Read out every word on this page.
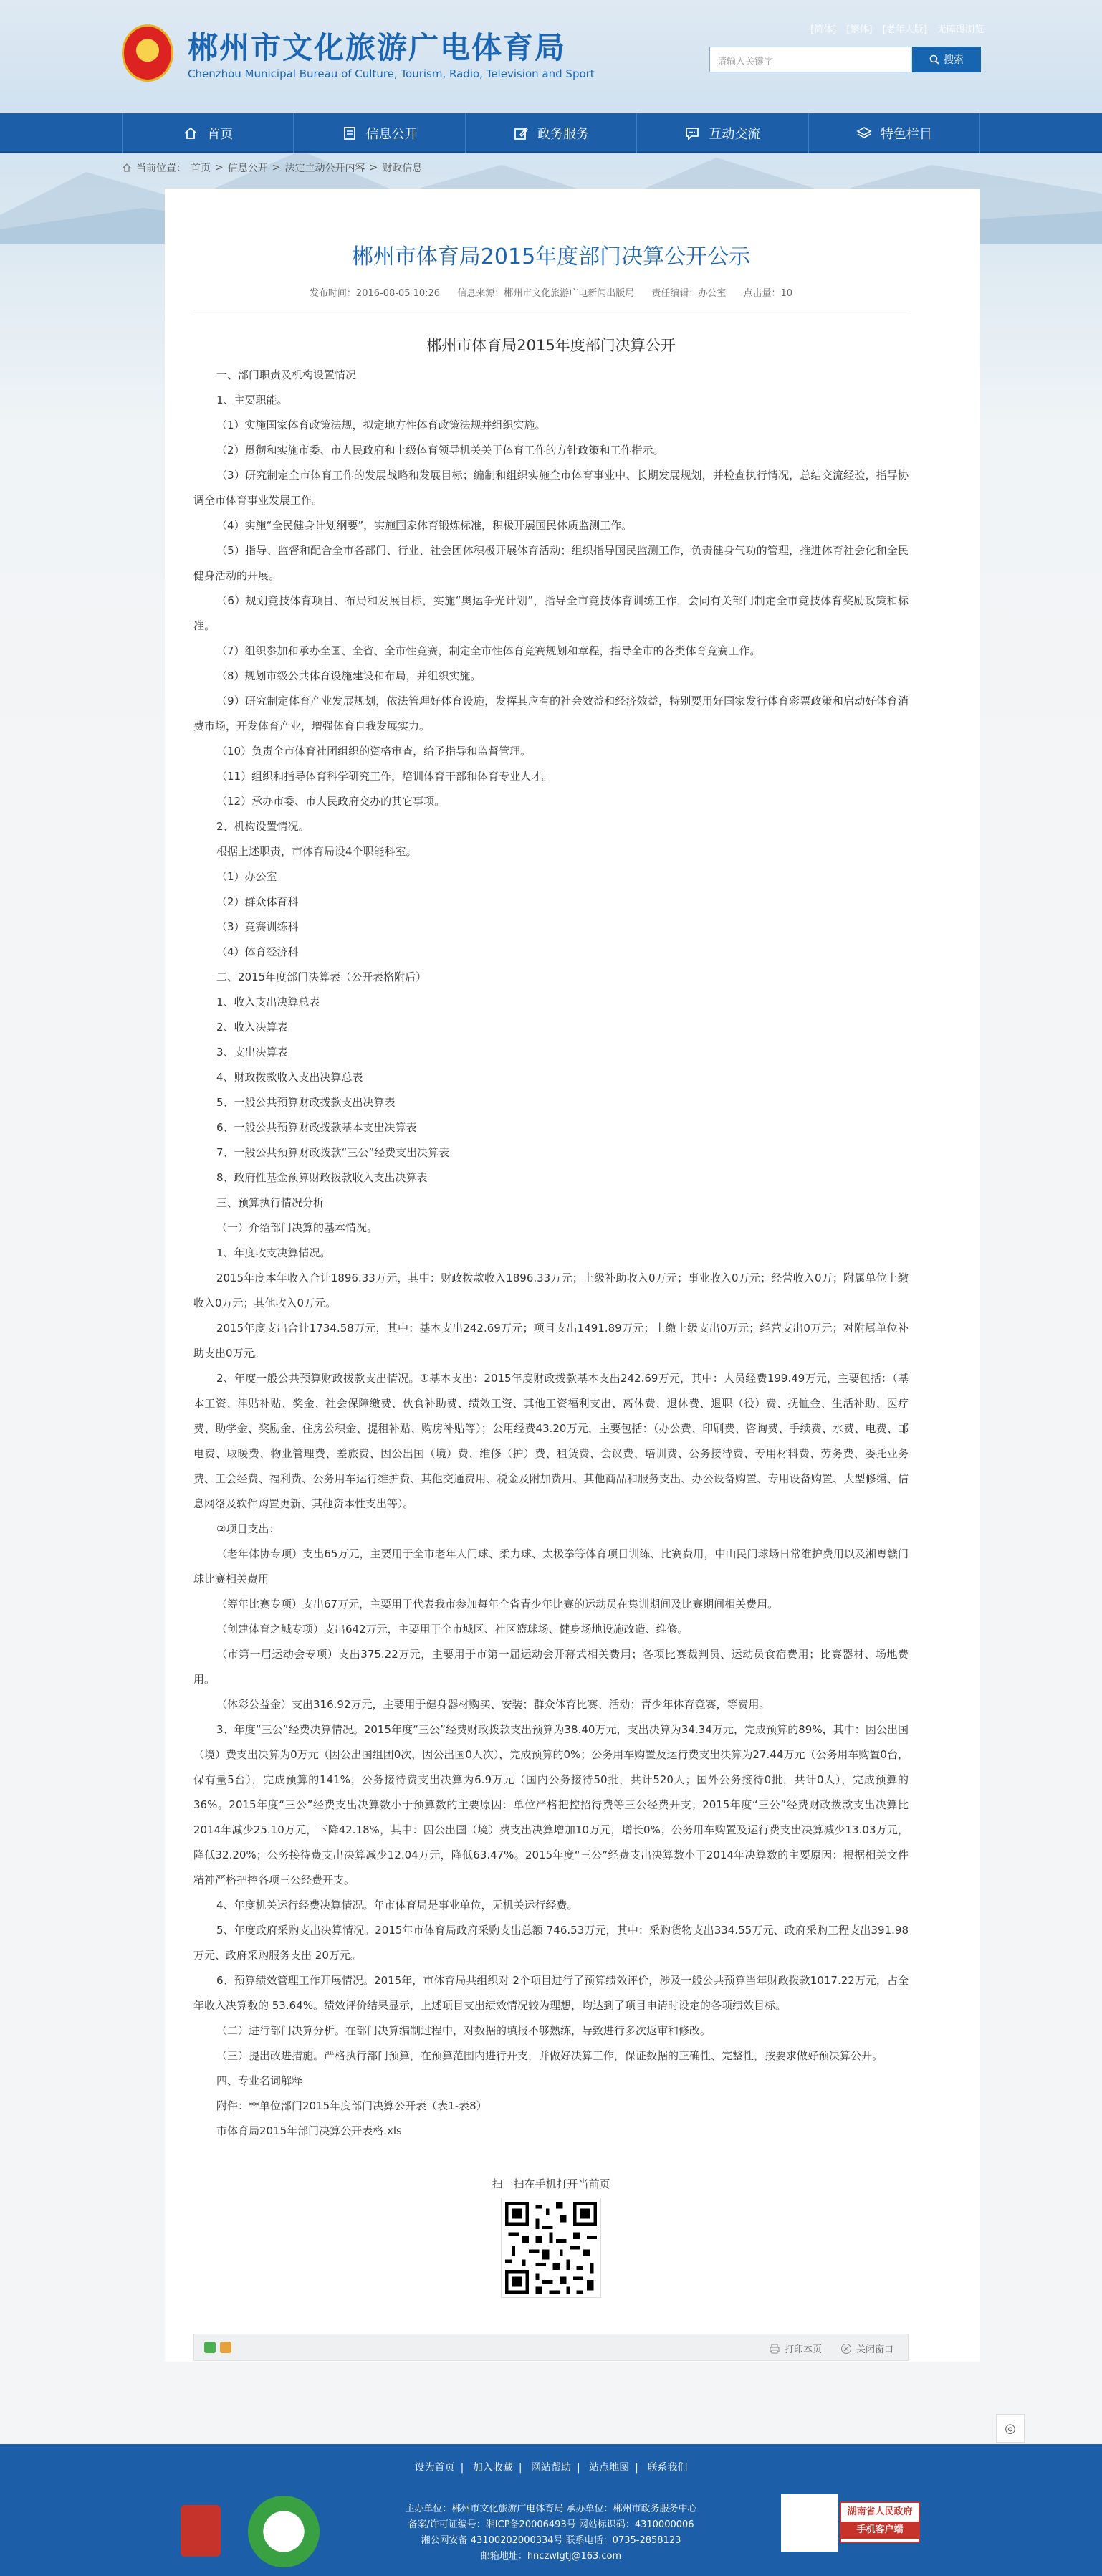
郴州市文化旅游广电体育局
Chenzhou Municipal Bureau of Culture, Tourism, Radio, Television and Sport
[简体] [繁体] [老年人版] 无障碍浏览
请输入关键字	搜索
首页	信息公开	政务服务	互动交流	特色栏目
当前位置： 首页 > 信息公开 > 法定主动公开内容 > 财政信息
郴州市体育局2015年度部门决算公开公示
发布时间：2016-08-05 10:26 信息来源：郴州市文化旅游广电新闻出版局 责任编辑：办公室 点击量：10
郴州市体育局2015年度部门决算公开

一、部门职责及机构设置情况

1、主要职能。

（1）实施国家体育政策法规，拟定地方性体育政策法规并组织实施。

（2）贯彻和实施市委、市人民政府和上级体育领导机关关于体育工作的方针政策和工作指示。

（3）研究制定全市体育工作的发展战略和发展目标；编制和组织实施全市体育事业中、长期发展规划，并检查执行情况，总结交流经验，指导协调全市体育事业发展工作。

（4）实施“全民健身计划纲要”，实施国家体育锻炼标准，积极开展国民体质监测工作。

（5）指导、监督和配合全市各部门、行业、社会团体积极开展体育活动；组织指导国民监测工作，负责健身气功的管理，推进体育社会化和全民健身活动的开展。

（6）规划竞技体育项目、布局和发展目标，实施“奥运争光计划”，指导全市竞技体育训练工作，会同有关部门制定全市竞技体育奖励政策和标准。

（7）组织参加和承办全国、全省、全市性竞赛，制定全市性体育竞赛规划和章程，指导全市的各类体育竞赛工作。

（8）规划市级公共体育设施建设和布局，并组织实施。

（9）研究制定体育产业发展规划，依法管理好体育设施，发挥其应有的社会效益和经济效益，特别要用好国家发行体育彩票政策和启动好体育消费市场，开发体育产业，增强体育自我发展实力。

（10）负责全市体育社团组织的资格审查，给予指导和监督管理。

（11）组织和指导体育科学研究工作，培训体育干部和体育专业人才。

（12）承办市委、市人民政府交办的其它事项。

2、机构设置情况。

根据上述职责，市体育局设4个职能科室。

（1）办公室

（2）群众体育科

（3）竞赛训练科

（4）体育经济科

二、2015年度部门决算表（公开表格附后）

1、收入支出决算总表

2、收入决算表

3、支出决算表

4、财政拨款收入支出决算总表

5、一般公共预算财政拨款支出决算表

6、一般公共预算财政拨款基本支出决算表

7、一般公共预算财政拨款“三公”经费支出决算表

8、政府性基金预算财政拨款收入支出决算表

三、预算执行情况分析

（一）介绍部门决算的基本情况。

1、年度收支决算情况。

2015年度本年收入合计1896.33万元，其中：财政拨款收入1896.33万元；上级补助收入0万元；事业收入0万元；经营收入0万；附属单位上缴收入0万元；其他收入0万元。

2015年度支出合计1734.58万元，其中：基本支出242.69万元；项目支出1491.89万元；上缴上级支出0万元；经营支出0万元；对附属单位补助支出0万元。

2、年度一般公共预算财政拨款支出情况。①基本支出：2015年度财政拨款基本支出242.69万元，其中：人员经费199.49万元，主要包括：（基本工资、津贴补贴、奖金、社会保障缴费、伙食补助费、绩效工资、其他工资福利支出、离休费、退休费、退职（役）费、抚恤金、生活补助、医疗费、助学金、奖励金、住房公积金、提租补贴、购房补贴等）；公用经费43.20万元，主要包括：（办公费、印刷费、咨询费、手续费、水费、电费、邮电费、取暖费、物业管理费、差旅费、因公出国（境）费、维修（护）费、租赁费、会议费、培训费、公务接待费、专用材料费、劳务费、委托业务费、工会经费、福利费、公务用车运行维护费、其他交通费用、税金及附加费用、其他商品和服务支出、办公设备购置、专用设备购置、大型修缮、信息网络及软件购置更新、其他资本性支出等）。

②项目支出：

（老年体协专项）支出65万元，主要用于全市老年人门球、柔力球、太极拳等体育项目训练、比赛费用，中山民门球场日常维护费用以及湘粤赣门球比赛相关费用

（筹年比赛专项）支出67万元，主要用于代表我市参加每年全省青少年比赛的运动员在集训期间及比赛期间相关费用。

（创建体育之城专项）支出642万元，主要用于全市城区、社区篮球场、健身场地设施改造、维修。

（市第一届运动会专项）支出375.22万元，主要用于市第一届运动会开幕式相关费用；各项比赛裁判员、运动员食宿费用；比赛器材、场地费用。

（体彩公益金）支出316.92万元，主要用于健身器材购买、安装；群众体育比赛、活动；青少年体育竞赛，等费用。

3、年度“三公”经费决算情况。2015年度“三公”经费财政拨款支出预算为38.40万元，支出决算为34.34万元，完成预算的89%，其中：因公出国（境）费支出决算为0万元（因公出国组团0次，因公出国0人次），完成预算的0%；公务用车购置及运行费支出决算为27.44万元（公务用车购置0台，保有量5台），完成预算的141%；公务接待费支出决算为6.9万元（国内公务接待50批，共计520人；国外公务接待0批，共计0人），完成预算的36%。2015年度“三公”经费支出决算数小于预算数的主要原因：单位严格把控招待费等三公经费开支；2015年度“三公”经费财政拨款支出决算比2014年减少25.10万元，下降42.18%，其中：因公出国（境）费支出决算增加10万元，增长0%；公务用车购置及运行费支出决算减少13.03万元，降低32.20%；公务接待费支出决算减少12.04万元，降低63.47%。2015年度“三公”经费支出决算数小于2014年决算数的主要原因：根据相关文件精神严格把控各项三公经费开支。

4、年度机关运行经费决算情况。年市体育局是事业单位，无机关运行经费。

5、年度政府采购支出决算情况。2015年市体育局政府采购支出总额 746.53万元，其中：采购货物支出334.55万元、政府采购工程支出391.98万元、政府采购服务支出 20万元。

6、预算绩效管理工作开展情况。2015年，市体育局共组织对 2个项目进行了预算绩效评价，涉及一般公共预算当年财政拨款1017.22万元，占全年收入决算数的 53.64%。绩效评价结果显示，上述项目支出绩效情况较为理想，均达到了项目申请时设定的各项绩效目标。

（二）进行部门决算分析。在部门决算编制过程中，对数据的填报不够熟练，导致进行多次返审和修改。

（三）提出改进措施。严格执行部门预算，在预算范围内进行开支，并做好决算工作，保证数据的正确性、完整性，按要求做好预决算公开。

四、专业名词解释

附件：**单位部门2015年度部门决算公开表（表1-表8）

市体育局2015年部门决算公开表格.xls

扫一扫在手机打开当前页
打印本页	关闭窗口
◎
设为首页 | 加入收藏 | 网站帮助 | 站点地图 | 联系我们
主办单位：郴州市文化旅游广电体育局 承办单位：郴州市政务服务中心
备案/许可证编号：湘ICP备20006493号 网站标识码：4310000006
湘公网安备 43100202000334号 联系电话：0735-2858123
邮箱地址：hnczwlgtj@163.com
湖南省人民政府
手机客户端
